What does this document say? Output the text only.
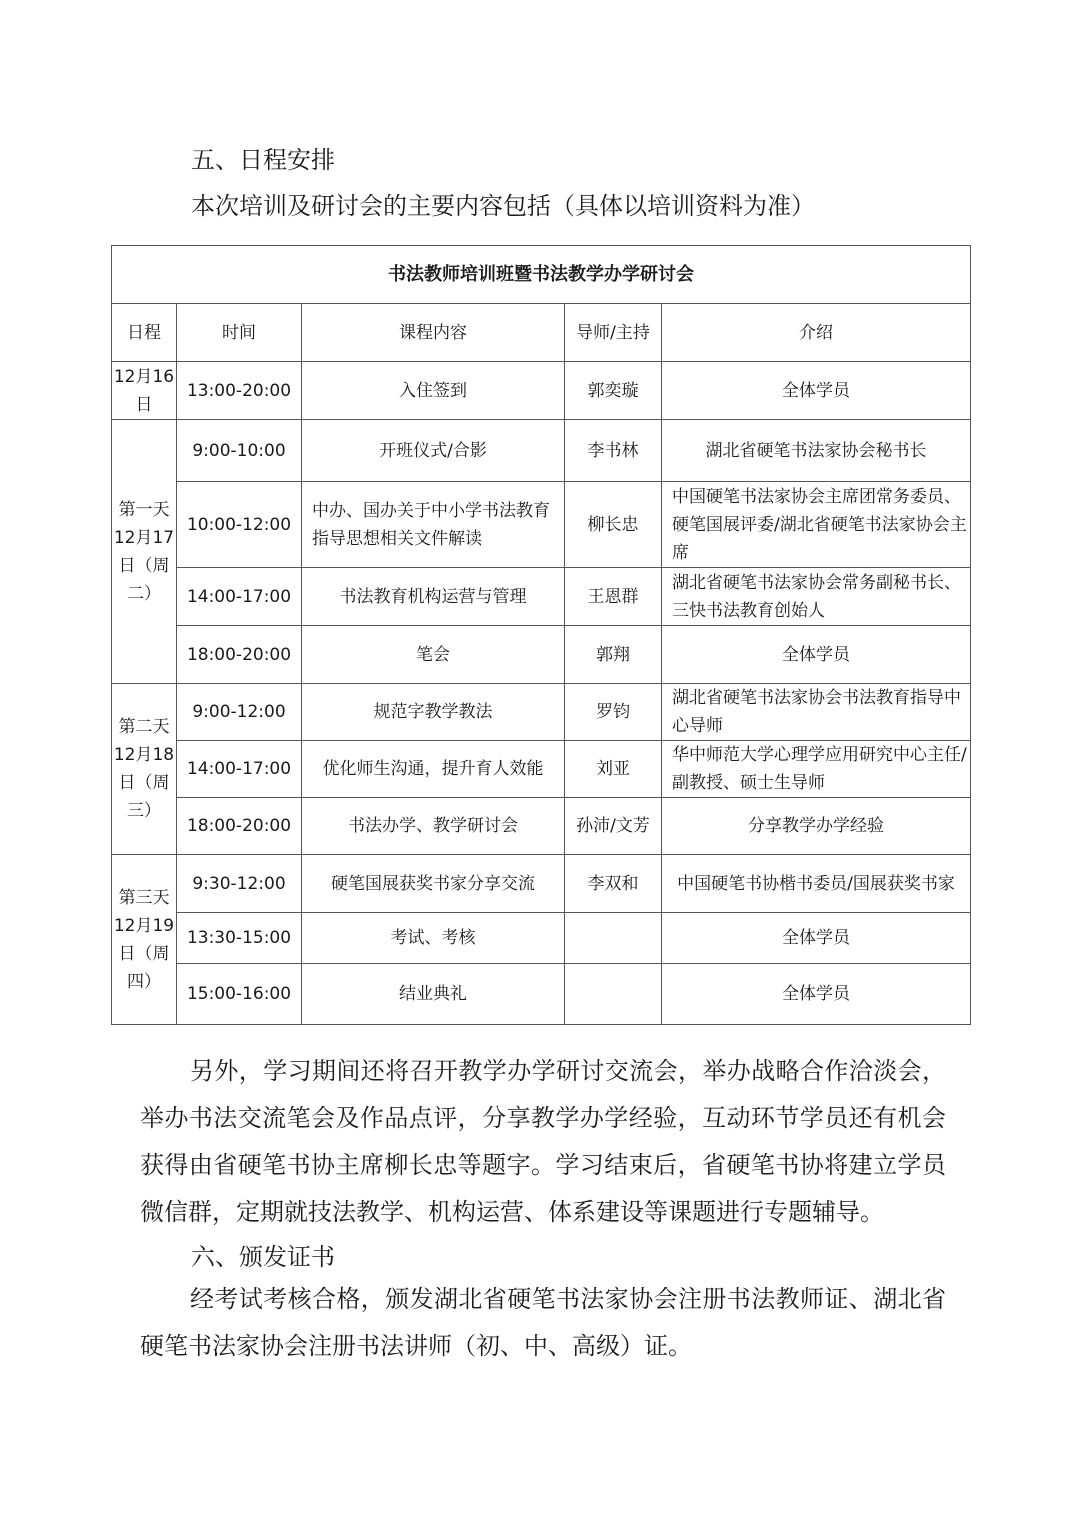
五、日程安排
本次培训及研讨会的主要内容包括（具体以培训资料为准）
书法教师培训班暨书法教学办学研讨会				
日程	时间	课程内容	导师/主持	介绍
12月16日	13:00-20:00	入住签到	郭奕璇	全体学员
第一天12月17日（周二）	9:00-10:00	开班仪式/合影	李书林	湖北省硬笔书法家协会秘书长
	10:00-12:00	中办、国办关于中小学书法教育指导思想相关文件解读	柳长忠	中国硬笔书法家协会主席团常务委员、硬笔国展评委/湖北省硬笔书法家协会主席
	14:00-17:00	书法教育机构运营与管理	王恩群	湖北省硬笔书法家协会常务副秘书长、三快书法教育创始人
	18:00-20:00	笔会	郭翔	全体学员
第二天12月18日（周三）	9:00-12:00	规范字教学教法	罗钧	湖北省硬笔书法家协会书法教育指导中心导师
	14:00-17:00	优化师生沟通，提升育人效能	刘亚	华中师范大学心理学应用研究中心主任/副教授、硕士生导师
	18:00-20:00	书法办学、教学研讨会	孙沛/文芳	分享教学办学经验
第三天12月19日（周四）	9:30-12:00	硬笔国展获奖书家分享交流	李双和	中国硬笔书协楷书委员/国展获奖书家
	13:30-15:00	考试、考核		全体学员
	15:00-16:00	结业典礼		全体学员
另外，学习期间还将召开教学办学研讨交流会，举办战略合作洽淡会，举办书法交流笔会及作品点评，分享教学办学经验，互动环节学员还有机会获得由省硬笔书协主席柳长忠等题字。学习结束后，省硬笔书协将建立学员微信群，定期就技法教学、机构运营、体系建设等课题进行专题辅导。
六、颁发证书
经考试考核合格，颁发湖北省硬笔书法家协会注册书法教师证、湖北省硬笔书法家协会注册书法讲师（初、中、高级）证。
